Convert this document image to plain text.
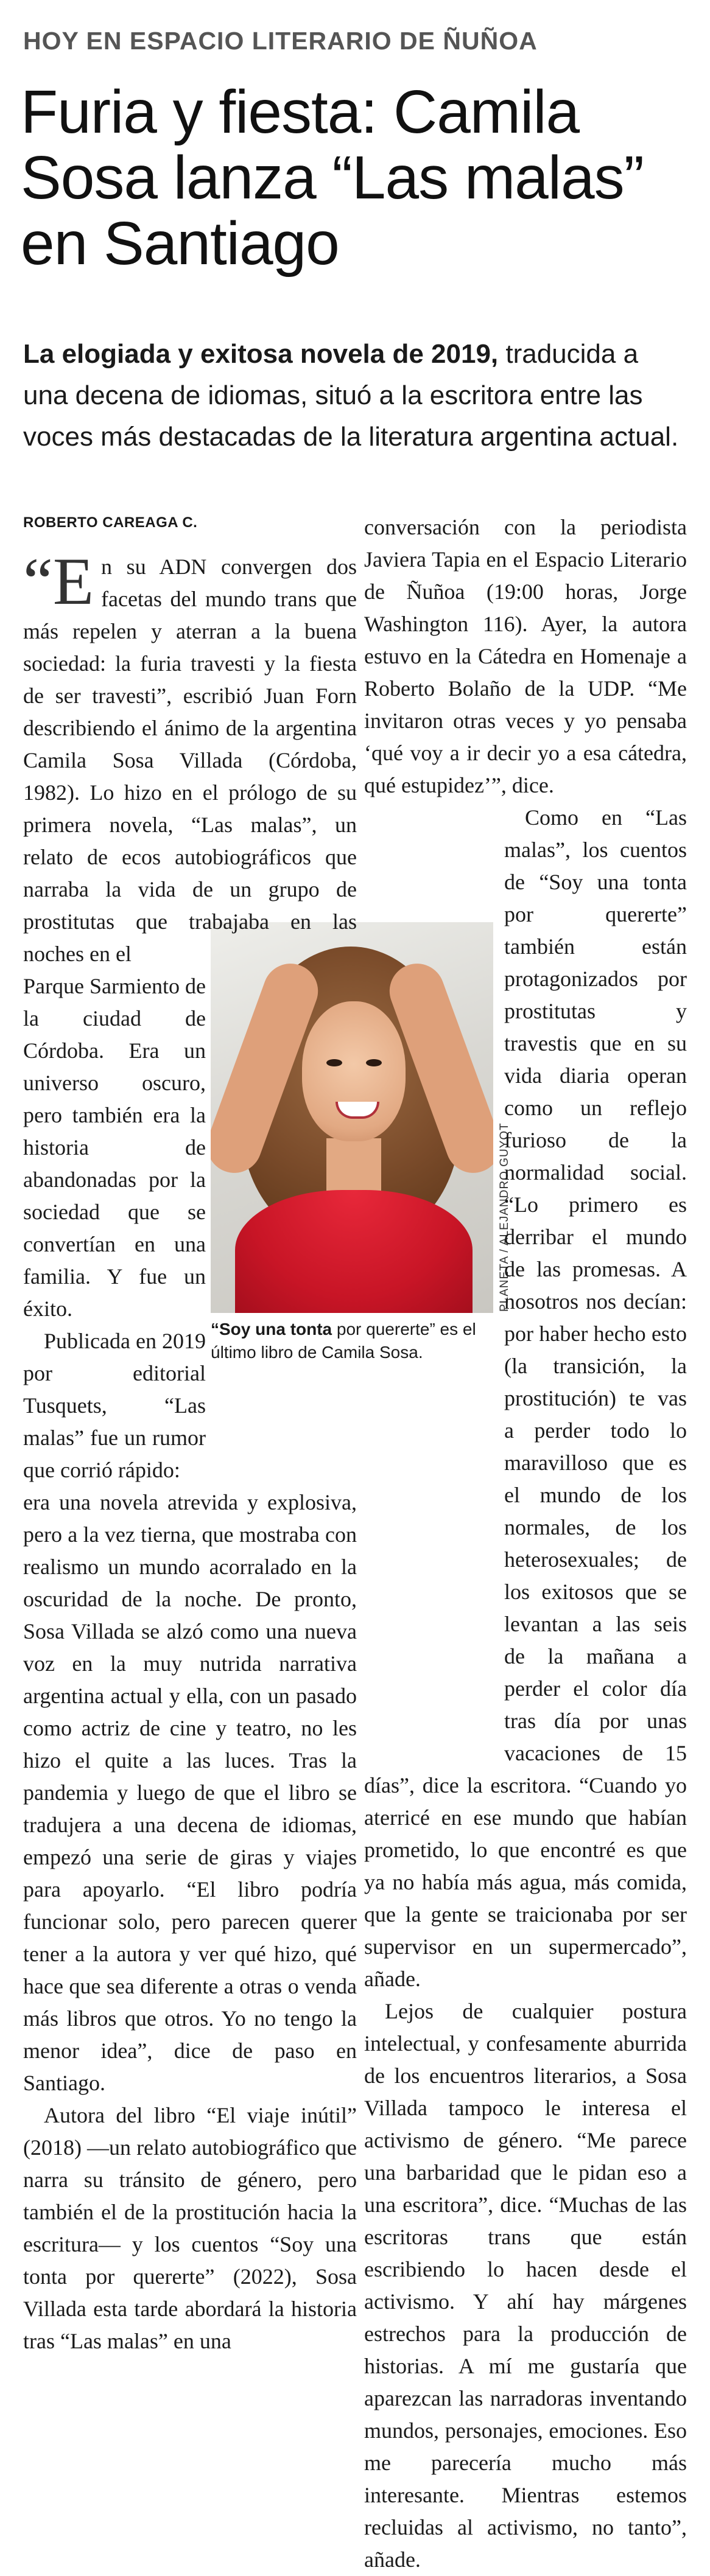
HOY EN ESPACIO LITERARIO DE ÑUÑOA
Furia y fiesta: Camila Sosa lanza “Las malas” en Santiago
La elogiada y exitosa novela de 2019, traducida a una decena de idiomas, situó a la escritora entre las voces más destacadas de la literatura argentina actual.
ROBERTO CAREAGA C.
PLANETA / ALEJANDRO GUYOT
“Soy una tonta por quererte” es el último libro de Camila Sosa.

“En su ADN convergen dos facetas del mundo trans que más repelen y aterran a la buena sociedad: la furia travesti y la fiesta de ser travesti”, escribió Juan Forn describiendo el ánimo de la argentina Camila Sosa Villada (Córdoba, 1982). Lo hizo en el prólogo de su primera novela, “Las malas”, un relato de ecos autobiográficos que narraba la vida de un grupo de prostitutas que trabajaba en las noches en el

Parque Sarmiento de la ciudad de Córdoba. Era un universo oscuro, pero también era la historia de abandonadas por la sociedad que se convertían en una familia. Y fue un éxito.

Publicada en 2019 por editorial Tusquets, “Las malas” fue un rumor que corrió rápido:

era una novela atrevida y explosiva, pero a la vez tierna, que mostraba con realismo un mundo acorralado en la oscuridad de la noche. De pronto, Sosa Villada se alzó como una nueva voz en la muy nutrida narrativa argentina actual y ella, con un pasado como actriz de cine y teatro, no les hizo el quite a las luces. Tras la pandemia y luego de que el libro se tradujera a una decena de idiomas, empezó una serie de giras y viajes para apoyarlo. “El libro podría funcionar solo, pero parecen querer tener a la autora y ver qué hizo, qué hace que sea diferente a otras o venda más libros que otros. Yo no tengo la menor idea”, dice de paso en Santiago.

Autora del libro “El viaje inútil” (2018) —un relato autobiográfico que narra su tránsito de género, pero también el de la prostitución hacia la escritura— y los cuentos “Soy una tonta por quererte” (2022), Sosa Villada esta tarde abordará la historia tras “Las malas” en una

conversación con la periodista Javiera Tapia en el Espacio Literario de Ñuñoa (19:00 horas, Jorge Washington 116). Ayer, la autora estuvo en la Cátedra en Homenaje a Roberto Bolaño de la UDP. “Me invitaron otras veces y yo pensaba ‘qué voy a ir decir yo a esa cátedra, qué estupidez’”, dice.

Como en “Las malas”, los cuentos de “Soy una tonta por quererte” también están protagonizados por prostitutas y travestis que en su vida diaria operan como un reflejo furioso de la normalidad social. “Lo primero es derribar el mundo de las promesas. A nosotros nos decían: por haber hecho esto (la transición, la prostitución) te vas a perder todo lo maravilloso que es el mundo de los normales, de los heterosexuales; de los exitosos que se levantan a las seis de la mañana a perder el color día tras día por unas vacaciones de 15 días”, dice la escritora. “Cuando yo aterricé en ese mundo que habían prometido, lo que encontré es que ya no había más agua, más comida, que la gente se traicionaba por ser supervisor en un supermercado”, añade.

Lejos de cualquier postura intelectual, y confesamente aburrida de los encuentros literarios, a Sosa Villada tampoco le interesa el activismo de género. “Me parece una barbaridad que le pidan eso a una escritora”, dice. “Muchas de las escritoras trans que están escribiendo lo hacen desde el activismo. Y ahí hay márgenes estrechos para la producción de historias. A mí me gustaría que aparezcan las narradoras inventando mundos, personajes, emociones. Eso me parecería mucho más interesante. Mientras estemos recluidas al activismo, no tanto”, añade.
